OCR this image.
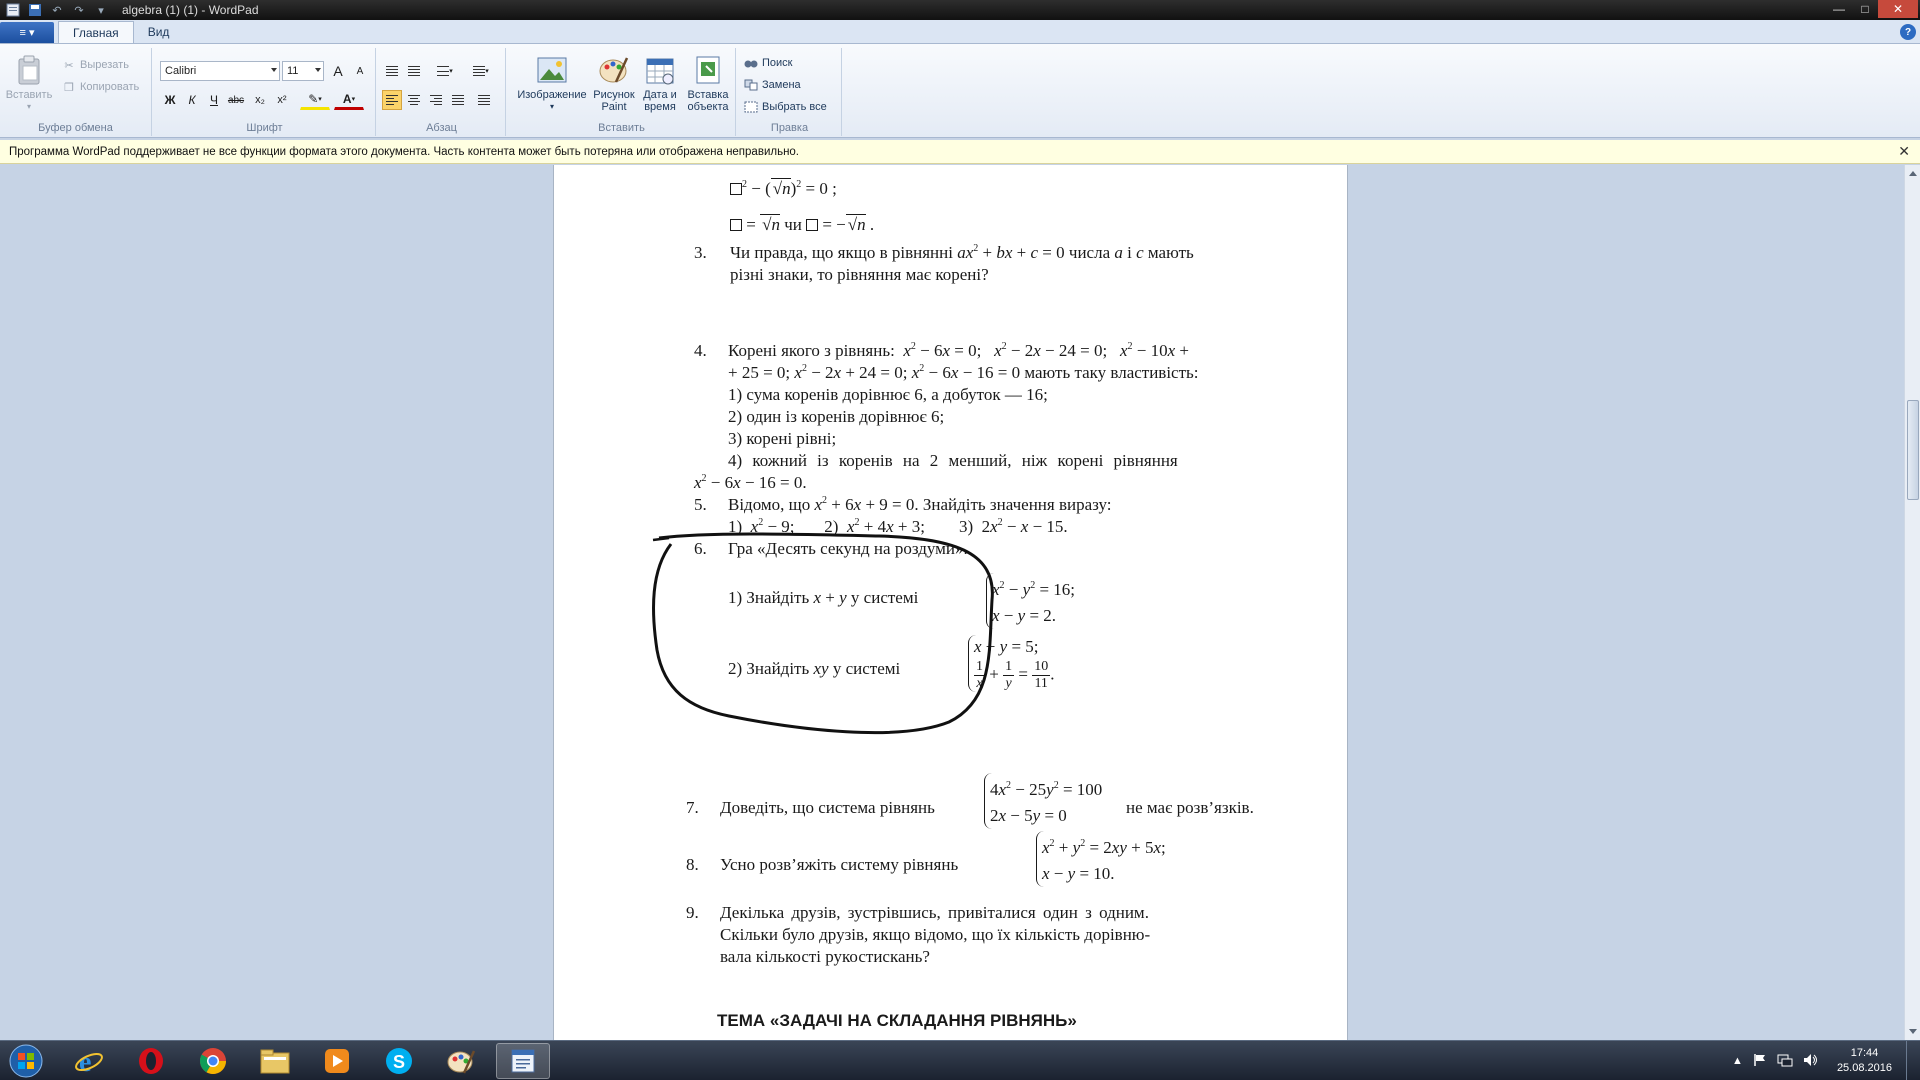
↶	↷	▾	algebra (1) (1) - WordPad	—	□	✕
≡ ▾	Главная	Вид	?
Вставить
▾
✂ Вырезать
❐ Копировать
Буфер обмена
Calibri	11	A	A
Ж	К	Ч abc	x₂	x²	✎ ▾ A ▾
Шрифт
▾	▾
Абзац
Изображение
▾
Рисунок
Paint
Дата и
время
Вставка
объекта
Вставить
Поиск
Замена
Выбрать все
Правка
Программа WordPad поддерживает не все функции формата этого документа. Часть контента может быть потеряна или отображена неправильно.	✕
$^2$ − ( √n)$^2$ = 0 ;
= √n чи  = − √n .
3. Чи правда, що якщо в рівнянні $ax^2$ + bx + c = 0 числа a і c мають
різні знаки, то рівняння має корені?
4. Корені якого з рівнянь: $x^2 - 6x = 0$;   $x^2 - 2x - 24 = 0$;   $x^2 - 10x$ +
+ 25 = 0; $x^2 - 2x + 24 = 0$; $x^2 - 6x - 16 = 0$ мають таку властивість:
1) сума коренів дорівнює 6, а добуток — 16;
2) один із коренів дорівнює 6;
3) корені рівні;
4) кожний із коренів на 2 менший, ніж корені рівняння
$x^2 - 6x - 16 = 0$.
5. Відомо, що $x^2 + 6x + 9 = 0$. Знайдіть значення виразу:
1)  $x^2 - 9$;       2)  $x^2 + 4x + 3$;        3)  $2x^2 - x - 15$.
6. Гра «Десять секунд на роздуми».
1) Знайдіть x + y у системі	$x^2 - y^2 = 16$;
x − y = 2.
2) Знайдіть xy у системі
x + y = 5;
$\frac{1}{x} + \frac{1}{y} = \frac{10}{11}$ .
7. Доведіть, що система рівнянь
$4x^2 - 25y^2 = 100$
2x − 5y = 0	не має розв’язків.
8. Усно розв’яжіть систему рівнянь
$x^2 + y^2 = 2xy + 5x$;
x − y = 10.
9. Декілька друзів, зустрівшись, привіталися один з одним.
Скільки було друзів, якщо відомо, що їх кількість дорівню-
вала кількості рукостискань?
ТЕМА «ЗАДАЧІ НА СКЛАДАННЯ РІВНЯНЬ»
e	S	▲
17:44
25.08.2016
